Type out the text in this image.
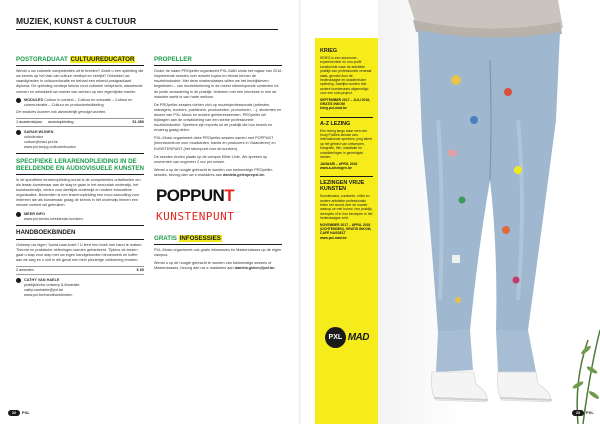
MUZIEK, KUNST & CULTUUR
POSTGRADUAAT CULTUUREDUCATOR

Wenst u uw culturele competenties uit te breiden? Zoekt u een opleiding die uw kennis op het vlak van cultuur verdiept en verrijkt? Ontwikkel uw vaardigheden in cultuureducatie en behaal een erkend postgraduaat diploma. De opleiding verdiept kennis rond culturele veldpracht, wisselende vormen en ontwikkelt uw manier van werken op een eigentijdse manier.

MODULES Cultuur in context – Cultuur en educatie – Cultuur en communicatie – Cultuur en productontwikkeling

De modules kunnen ook afzonderlijk gevolgd worden.

1 academiejaar	avondopleiding	€1.350
SARAH WIJNEN
coördinator
cultuur@mad.pxl.be
www.pxl.be/pg-cultuureducator
SPECIFIEKE LERARENOPLEIDING IN DE BEELDENDE EN AUDIOVISUELE KUNSTEN

In de specifieke lerarenopleiding kunst is de competenties ontwikkelen om als leraar-kunstenaar aan de slag te gaan in het secundair onderwijs, het kunstonderwijs, centra voor deeltijds onderwijs en andere educatieve organisaties. Bovendien is een lerarenopleiding een mooi aanvulling voor iedereen die als kunstenaar graag de kennis in het onderwijs binnen een nieuwe context wil gebruiken.

MEER INFO
www.pxl.be/slo-beeldende-kunsten
HANDBOEKBINDEN

Ontwerp uw eigen "kunst-naar-boek"! U leert een boek met hand te maken. Theorie en praktische oefeningen worden gehanteerd. Tijdens de lessen gaat u stap voor stap met uw eigen handgebonden binnenwerk en koffer aan de slag en u zult in elk geval een heel plezierige voldoening ervaren.

2 avonden	€ 60
CATHY VAN HAELE
praktijklector ontwerp & illustratie
cathy.vanhaele@pxl.be
www.pxl.be/handboekbinden
PROPELLER

Onder de naam PROpeller organiseert PXL-MAD sinds het najaar van 2016 inspirerende sessies over actuele topics en trends binnen de muziekindustrie. Met deze masterclasses willen we het bedrijfsleven begeleiden – van muziekbeleving in de meest uiteenlopende contexten tot de juiste omkadering in de praktijk. Iedereen met een interesse in hoe de industrie werkt is van harte welkom.

De PROpeller-sessies richten zich op muziekprofessionals (artiesten, managers, bookers, publishers, producenten, promotoren, ...), studenten en alumni van PXL-Music en andere geïnteresseerden. PROpeller wil bijdragen aan de ontwikkeling van een sterke professionele muziekindustrie. Sprekers zijn experts uit de praktijk die hun kennis en ervaring graag delen.

PXL-Music organiseert deze PROpeller-sessies samen met POPPUNT (kenniscentrum voor muzikanten, bands en producers in Vlaanderen) en KUNSTENPUNT (het steunpunt voor de kunsten).

De sessies vinden plaats op de campus Elfde Linie. We spreken op momenten van ongeveer 2 uur per sessie.

Wenst u op de hoogte gebracht te worden van toekomstige PROpeller-sessies, bezorg dan uw e-mailadres aan daniela.gelenprepxl.be.

POPPUNT
KUNSTENPUNT
GRATIS INFOSESSIES

PXL-Music organiseert ook gratis infosessies en Masterclasses op de eigen campus.

Wenst u op de hoogte gebracht te worden van toekomstige sessies of Masterclasses, bezorg dan uw e-mailadres aan daniela.gielen@pxl.be.

KRIEG

KRIEG is een autonome, experimentele en non-profit kunstruimte waar de artistieke praktijk van professionele centraal staat, gevoed door de hedendaagse en academische opleiding. Jaarlijks worden drie andere kunstenaars uitgenodigd voor een solo-project.

SEPTEMBER 2017 – JULI 2018, GRATIS INKOM
krieg.pxl-mad.be

A-Z LEZING

Een lezing langs waar men een hoog Publiek-kenaar aan. Internationale sprekers: jong talent op het gebied van ontwerpen, fotografie, film, installatie en ontwikkelingen in gevestigde namen.

JANUARI – APRIL 2018
www.a-zlezingen.be

LEZINGEN VRIJE KUNSTEN

Kunstenaars, curatoren, critici en andere artistieke professionals tellen het woord over de manier waarop ze met humor, hun praktijk, drempels of in hun beroepen in het hedendaagse veld.

NOVEMBER 2017 – APRIL 2018 (OCHTENDEN), GRATIS INKOM, CAFÉ HASSELT
www.pxl-mad.be

PXL MAD
22 PXL	23 PXL
